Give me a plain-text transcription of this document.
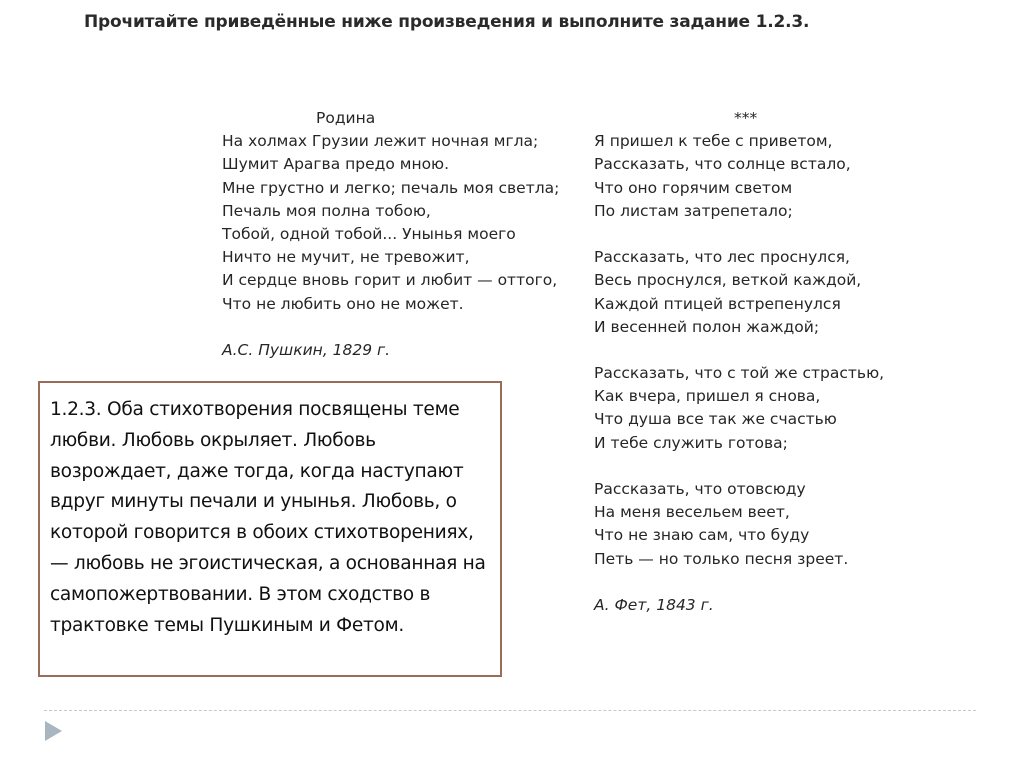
Прочитайте приведённые ниже произведения и выполните задание 1.2.3.
Родина
На холмах Грузии лежит ночная мгла;
Шумит Арагва предо мною.
Мне грустно и легко; печаль моя светла;
Печаль моя полна тобою,
Тобой, одной тобой... Унынья моего
Ничто не мучит, не тревожит,
И сердце вновь горит и любит — оттого,
Что не любить оно не может.
А.С. Пушкин, 1829 г.
***
Я пришел к тебе с приветом,
Рассказать, что солнце встало,
Что оно горячим светом
По листам затрепетало;
Рассказать, что лес проснулся,
Весь проснулся, веткой каждой,
Каждой птицей встрепенулся
И весенней полон жаждой;
Рассказать, что с той же страстью,
Как вчера, пришел я снова,
Что душа все так же счастью
И тебе служить готова;
Рассказать, что отовсюду
На меня весельем веет,
Что не знаю сам, что буду
Петь — но только песня зреет.
А. Фет, 1843 г.
1.2.3. Оба стихотворения посвящены теме любви. Любовь окрыляет. Любовь возрождает, даже тогда, когда наступают вдруг минуты печали и унынья. Любовь, о которой говорится в обоих стихотворениях, — любовь не эгоистическая, а основанная на самопожертвовании. В этом сходство в трактовке темы Пушкиным и Фетом.
